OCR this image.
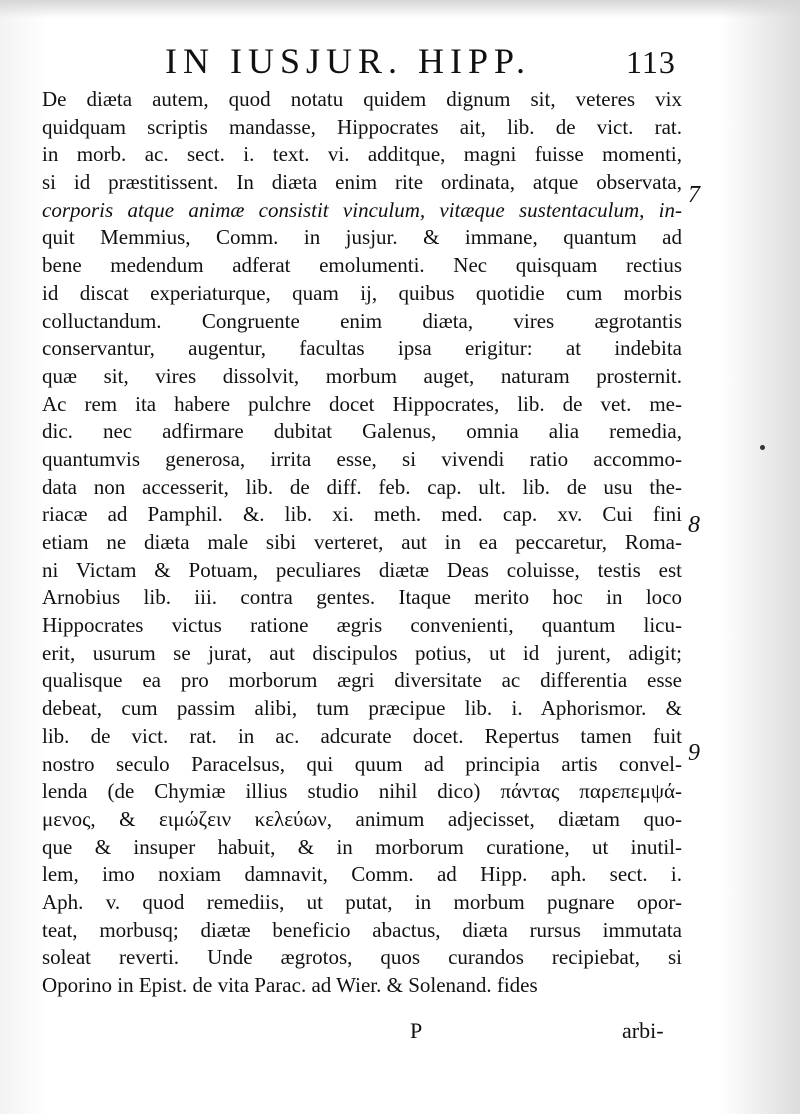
IN IUSJUR. HIPP.	113
De diæta autem, quod notatu quidem dignum sit, veteres vix
quidquam scriptis mandasse, Hippocrates ait, lib. de vict. rat.
in morb. ac. sect. i. text. vi. additque, magni fuisse momenti,
si id præstitissent. In diæta enim rite ordinata, atque observata,
corporis atque animæ consistit vinculum, vitæque sustentaculum, in-
quit Memmius, Comm. in jusjur. & immane, quantum ad
bene medendum adferat emolumenti. Nec quisquam rectius
id discat experiaturque, quam ij, quibus quotidie cum morbis
colluctandum. Congruente enim diæta, vires ægrotantis
conservantur, augentur, facultas ipsa erigitur: at indebita
quæ sit, vires dissolvit, morbum auget, naturam prosternit.
Ac rem ita habere pulchre docet Hippocrates, lib. de vet. me-
dic. nec adfirmare dubitat Galenus, omnia alia remedia,
quantumvis generosa, irrita esse, si vivendi ratio accommo-
data non accesserit, lib. de diff. feb. cap. ult. lib. de usu the-
riacæ ad Pamphil. &. lib. xi. meth. med. cap. xv. Cui fini
etiam ne diæta male sibi verteret, aut in ea peccaretur, Roma-
ni Victam & Potuam, peculiares diætæ Deas coluisse, testis est
Arnobius lib. iii. contra gentes. Itaque merito hoc in loco
Hippocrates victus ratione ægris convenienti, quantum licu-
erit, usurum se jurat, aut discipulos potius, ut id jurent, adigit;
qualisque ea pro morborum ægri diversitate ac differentia esse
debeat, cum passim alibi, tum præcipue lib. i. Aphorismor. &
lib. de vict. rat. in ac. adcurate docet. Repertus tamen fuit
nostro seculo Paracelsus, qui quum ad principia artis convel-
lenda (de Chymiæ illius studio nihil dico) πάντας παρεπεμψά-
μενος, & ειμώζειν κελεύων, animum adjecisset, diætam quo-
que & insuper habuit, & in morborum curatione, ut inutil-
lem, imo noxiam damnavit, Comm. ad Hipp. aph. sect. i.
Aph. v. quod remediis, ut putat, in morbum pugnare opor-
teat, morbusq; diætæ beneficio abactus, diæta rursus immutata
soleat reverti. Unde ægrotos, quos curandos recipiebat, si
Oporino in Epist. de vita Parac. ad Wier. & Solenand. fides
7
8
9
P	arbi-
